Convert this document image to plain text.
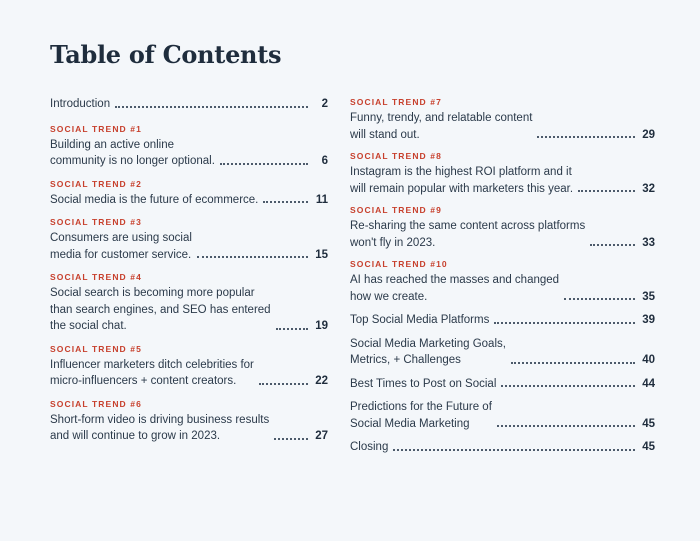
Table of Contents
Introduction	2
SOCIAL TREND #1
Building an active online
community is no longer optional.	6
SOCIAL TREND #2
Social media is the future of ecommerce.	11
SOCIAL TREND #3
Consumers are using social
media for customer service.	15
SOCIAL TREND #4
Social search is becoming more popular
than search engines, and SEO has entered
the social chat.	19
SOCIAL TREND #5
Influencer marketers ditch celebrities for
micro-influencers + content creators.	22
SOCIAL TREND #6
Short-form video is driving business results
and will continue to grow in 2023.	27
SOCIAL TREND #7
Funny, trendy, and relatable content
will stand out.	29
SOCIAL TREND #8
Instagram is the highest ROI platform and it
will remain popular with marketers this year.	32
SOCIAL TREND #9
Re-sharing the same content across platforms
won't fly in 2023.	33
SOCIAL TREND #10
AI has reached the masses and changed
how we create.	35
Top Social Media Platforms	39
Social Media Marketing Goals,
Metrics, + Challenges	40
Best Times to Post on Social	44
Predictions for the Future of
Social Media Marketing	45
Closing	45
